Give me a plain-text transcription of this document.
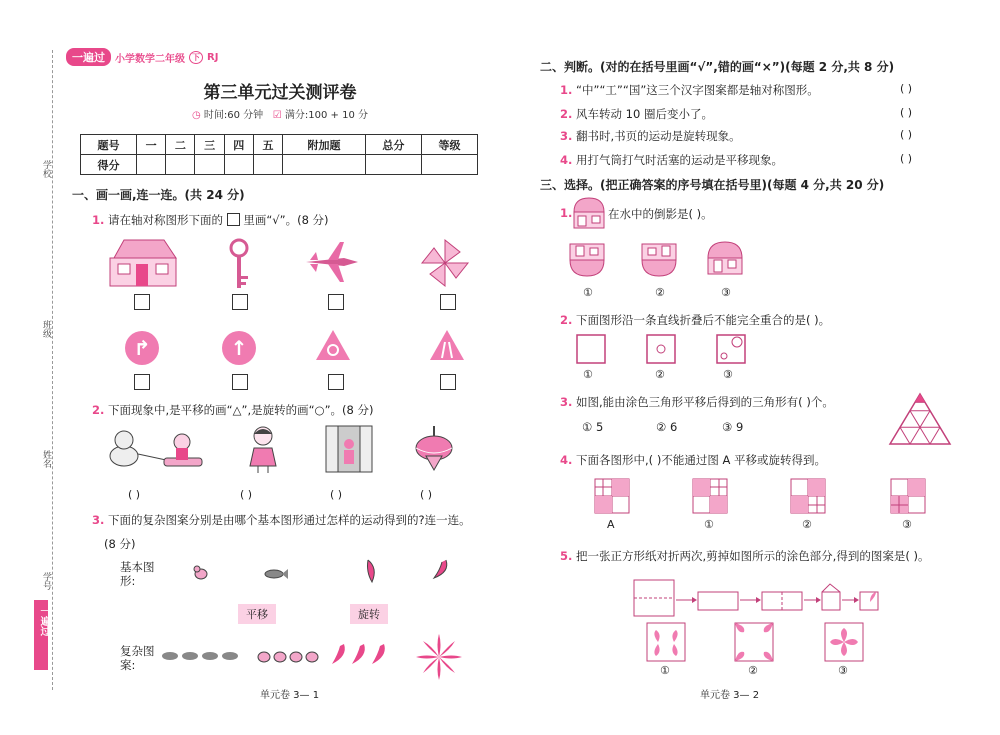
学校
班级
姓名
学号
一遍过
一遍过	小学数学二年级 下 RJ
第三单元过关测评卷
◷ 时间:60 分钟 ☑ 满分:100 + 10 分
题号	一	二	三	四	五	附加题	总分	等级
得分								
一、画一画,连一连。(共 24 分)
1. 请在轴对称图形下面的 里画“√”。(8 分)
↱	↑
2. 下面现象中,是平移的画“△”,是旋转的画“○”。(8 分)
( )	( )	( )	( )
3. 下面的复杂图案分别是由哪个基本图形通过怎样的运动得到的?连一连。
(8 分)
基本图形:
平移	旋转
复杂图案:
单元卷 3— 1
二、判断。(对的在括号里画“√”,错的画“×”)(每题 2 分,共 8 分)
1. “中”“工”“国”这三个汉字图案都是轴对称图形。
2. 风车转动 10 圈后变小了。
3. 翻书时,书页的运动是旋转现象。
4. 用打气筒打气时活塞的运动是平移现象。
( )
( )
( )
( )
三、选择。(把正确答案的序号填在括号里)(每题 4 分,共 20 分)
1.	在水中的倒影是( )。
①	②	③
2. 下面图形沿一条直线折叠后不能完全重合的是( )。
①	②	③
3. 如图,能由涂色三角形平移后得到的三角形有( )个。
① 5	② 6	③ 9
4. 下面各图形中,( )不能通过图 A 平移或旋转得到。
A	①	②	③
5. 把一张正方形纸对折两次,剪掉如图所示的涂色部分,得到的图案是( )。
①	②	③
单元卷 3— 2
